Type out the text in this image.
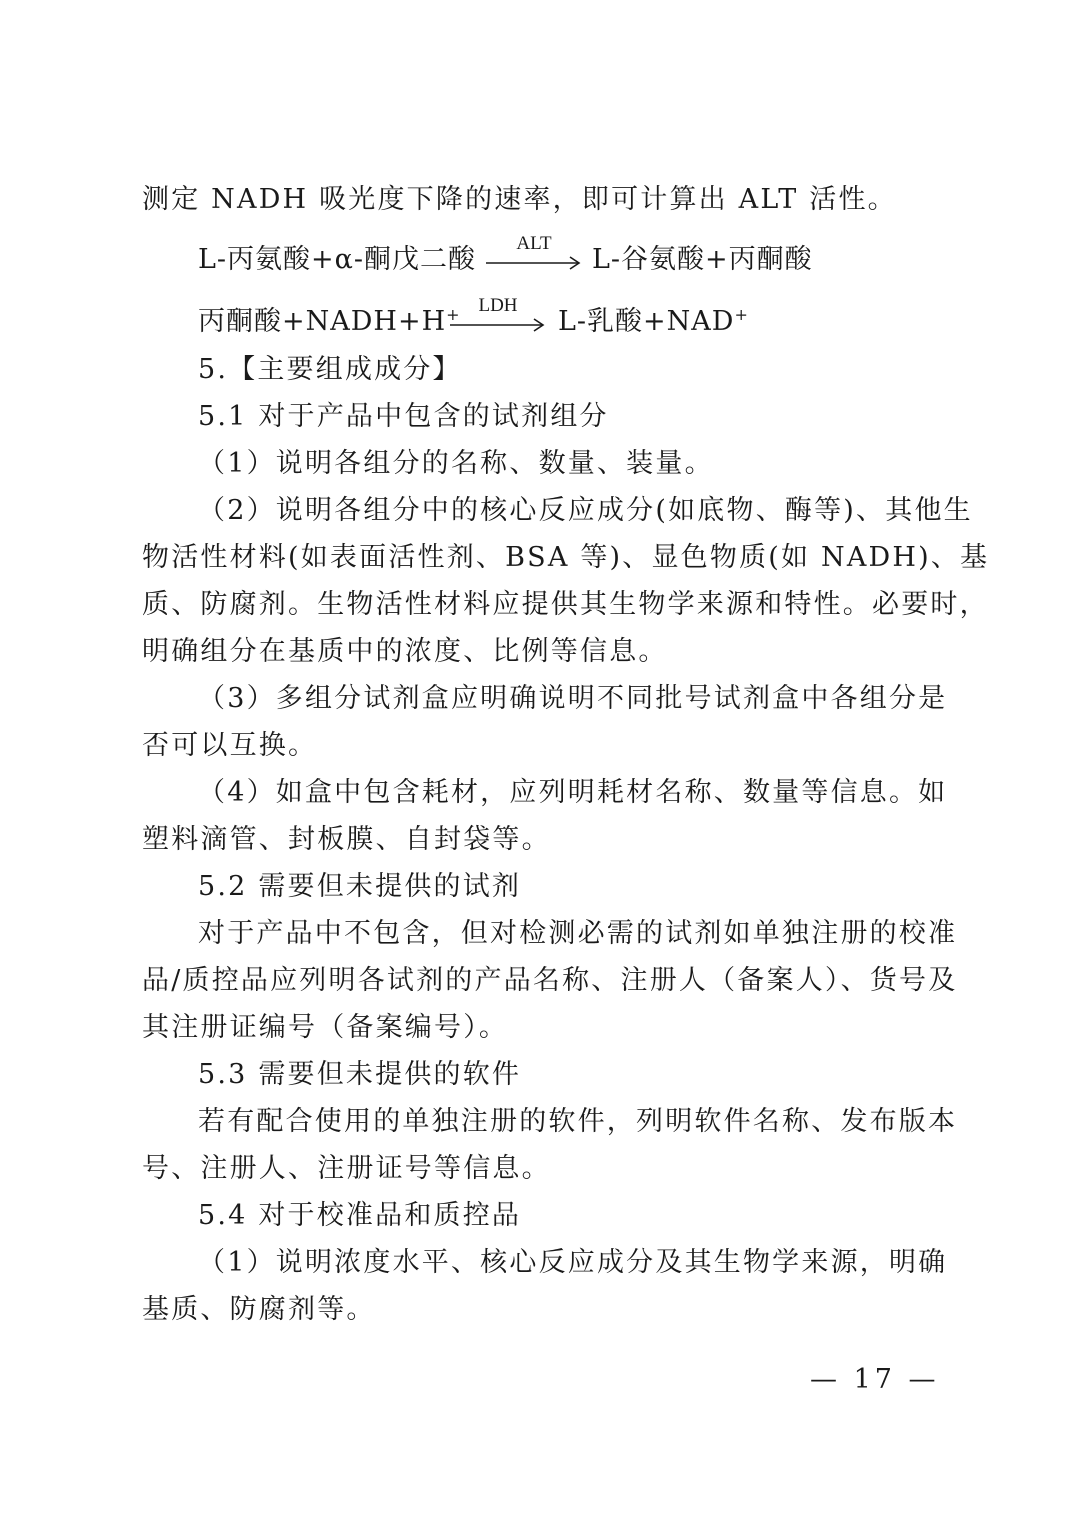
测定 NADH 吸光度下降的速率，即可计算出 ALT 活性。
L-丙氨酸+α-酮戊二酸
ALT
L-谷氨酸+丙酮酸
丙酮酸+NADH+H+ LDH
L-乳酸+NAD+
5.【主要组成成分】
5.1 对于产品中包含的试剂组分
（1）说明各组分的名称、数量、装量。
（2）说明各组分中的核心反应成分(如底物、酶等)、其他生
物活性材料(如表面活性剂、BSA 等)、显色物质(如 NADH)、基
质、防腐剂。生物活性材料应提供其生物学来源和特性。必要时，
明确组分在基质中的浓度、比例等信息。
（3）多组分试剂盒应明确说明不同批号试剂盒中各组分是
否可以互换。
（4）如盒中包含耗材，应列明耗材名称、数量等信息。如
塑料滴管、封板膜、自封袋等。
5.2 需要但未提供的试剂
对于产品中不包含，但对检测必需的试剂如单独注册的校准
品/质控品应列明各试剂的产品名称、注册人（备案人）、货号及
其注册证编号（备案编号）。
5.3 需要但未提供的软件
若有配合使用的单独注册的软件，列明软件名称、发布版本
号、注册人、注册证号等信息。
5.4 对于校准品和质控品
（1）说明浓度水平、核心反应成分及其生物学来源，明确
基质、防腐剂等。
— 17 —
